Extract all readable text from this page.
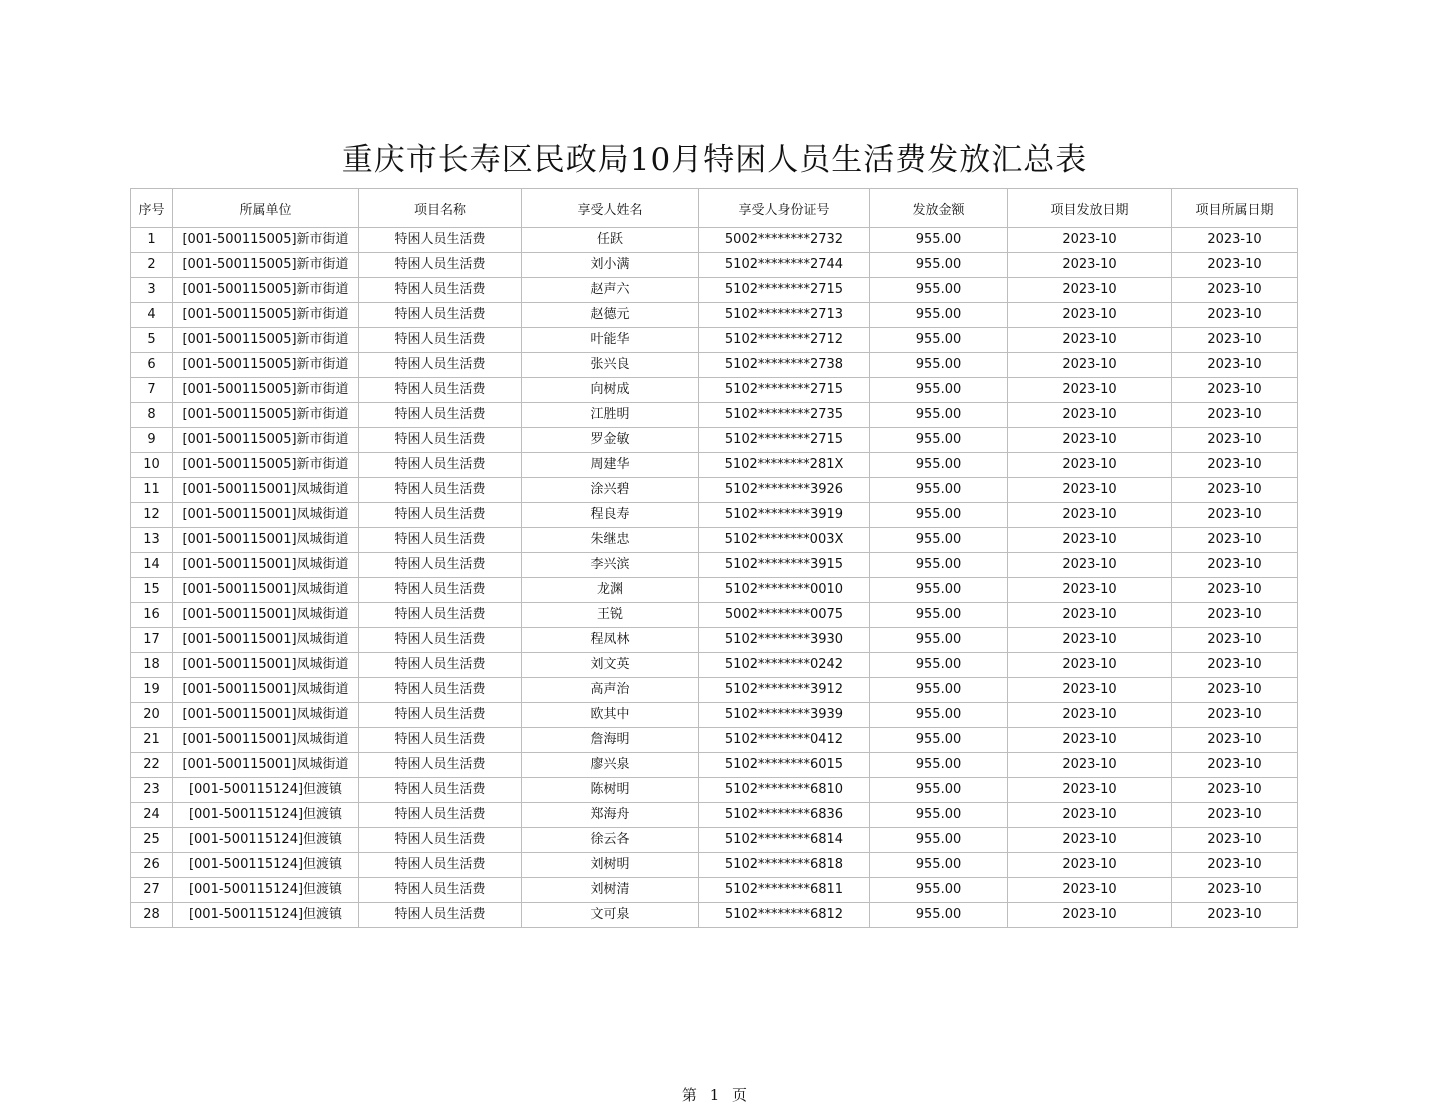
重庆市长寿区民政局10月特困人员生活费发放汇总表
序号	所属单位	项目名称	享受人姓名	享受人身份证号	发放金额	项目发放日期	项目所属日期
1	[001-500115005]新市街道	特困人员生活费	任跃	5002********2732	955.00	2023-10	2023-10
2	[001-500115005]新市街道	特困人员生活费	刘小满	5102********2744	955.00	2023-10	2023-10
3	[001-500115005]新市街道	特困人员生活费	赵声六	5102********2715	955.00	2023-10	2023-10
4	[001-500115005]新市街道	特困人员生活费	赵德元	5102********2713	955.00	2023-10	2023-10
5	[001-500115005]新市街道	特困人员生活费	叶能华	5102********2712	955.00	2023-10	2023-10
6	[001-500115005]新市街道	特困人员生活费	张兴良	5102********2738	955.00	2023-10	2023-10
7	[001-500115005]新市街道	特困人员生活费	向树成	5102********2715	955.00	2023-10	2023-10
8	[001-500115005]新市街道	特困人员生活费	江胜明	5102********2735	955.00	2023-10	2023-10
9	[001-500115005]新市街道	特困人员生活费	罗金敏	5102********2715	955.00	2023-10	2023-10
10	[001-500115005]新市街道	特困人员生活费	周建华	5102********281X	955.00	2023-10	2023-10
11	[001-500115001]凤城街道	特困人员生活费	涂兴碧	5102********3926	955.00	2023-10	2023-10
12	[001-500115001]凤城街道	特困人员生活费	程良寿	5102********3919	955.00	2023-10	2023-10
13	[001-500115001]凤城街道	特困人员生活费	朱继忠	5102********003X	955.00	2023-10	2023-10
14	[001-500115001]凤城街道	特困人员生活费	李兴滨	5102********3915	955.00	2023-10	2023-10
15	[001-500115001]凤城街道	特困人员生活费	龙渊	5102********0010	955.00	2023-10	2023-10
16	[001-500115001]凤城街道	特困人员生活费	王锐	5002********0075	955.00	2023-10	2023-10
17	[001-500115001]凤城街道	特困人员生活费	程凤林	5102********3930	955.00	2023-10	2023-10
18	[001-500115001]凤城街道	特困人员生活费	刘文英	5102********0242	955.00	2023-10	2023-10
19	[001-500115001]凤城街道	特困人员生活费	高声治	5102********3912	955.00	2023-10	2023-10
20	[001-500115001]凤城街道	特困人员生活费	欧其中	5102********3939	955.00	2023-10	2023-10
21	[001-500115001]凤城街道	特困人员生活费	詹海明	5102********0412	955.00	2023-10	2023-10
22	[001-500115001]凤城街道	特困人员生活费	廖兴泉	5102********6015	955.00	2023-10	2023-10
23	[001-500115124]但渡镇	特困人员生活费	陈树明	5102********6810	955.00	2023-10	2023-10
24	[001-500115124]但渡镇	特困人员生活费	郑海舟	5102********6836	955.00	2023-10	2023-10
25	[001-500115124]但渡镇	特困人员生活费	徐云各	5102********6814	955.00	2023-10	2023-10
26	[001-500115124]但渡镇	特困人员生活费	刘树明	5102********6818	955.00	2023-10	2023-10
27	[001-500115124]但渡镇	特困人员生活费	刘树清	5102********6811	955.00	2023-10	2023-10
28	[001-500115124]但渡镇	特困人员生活费	文可泉	5102********6812	955.00	2023-10	2023-10
第 1 页
